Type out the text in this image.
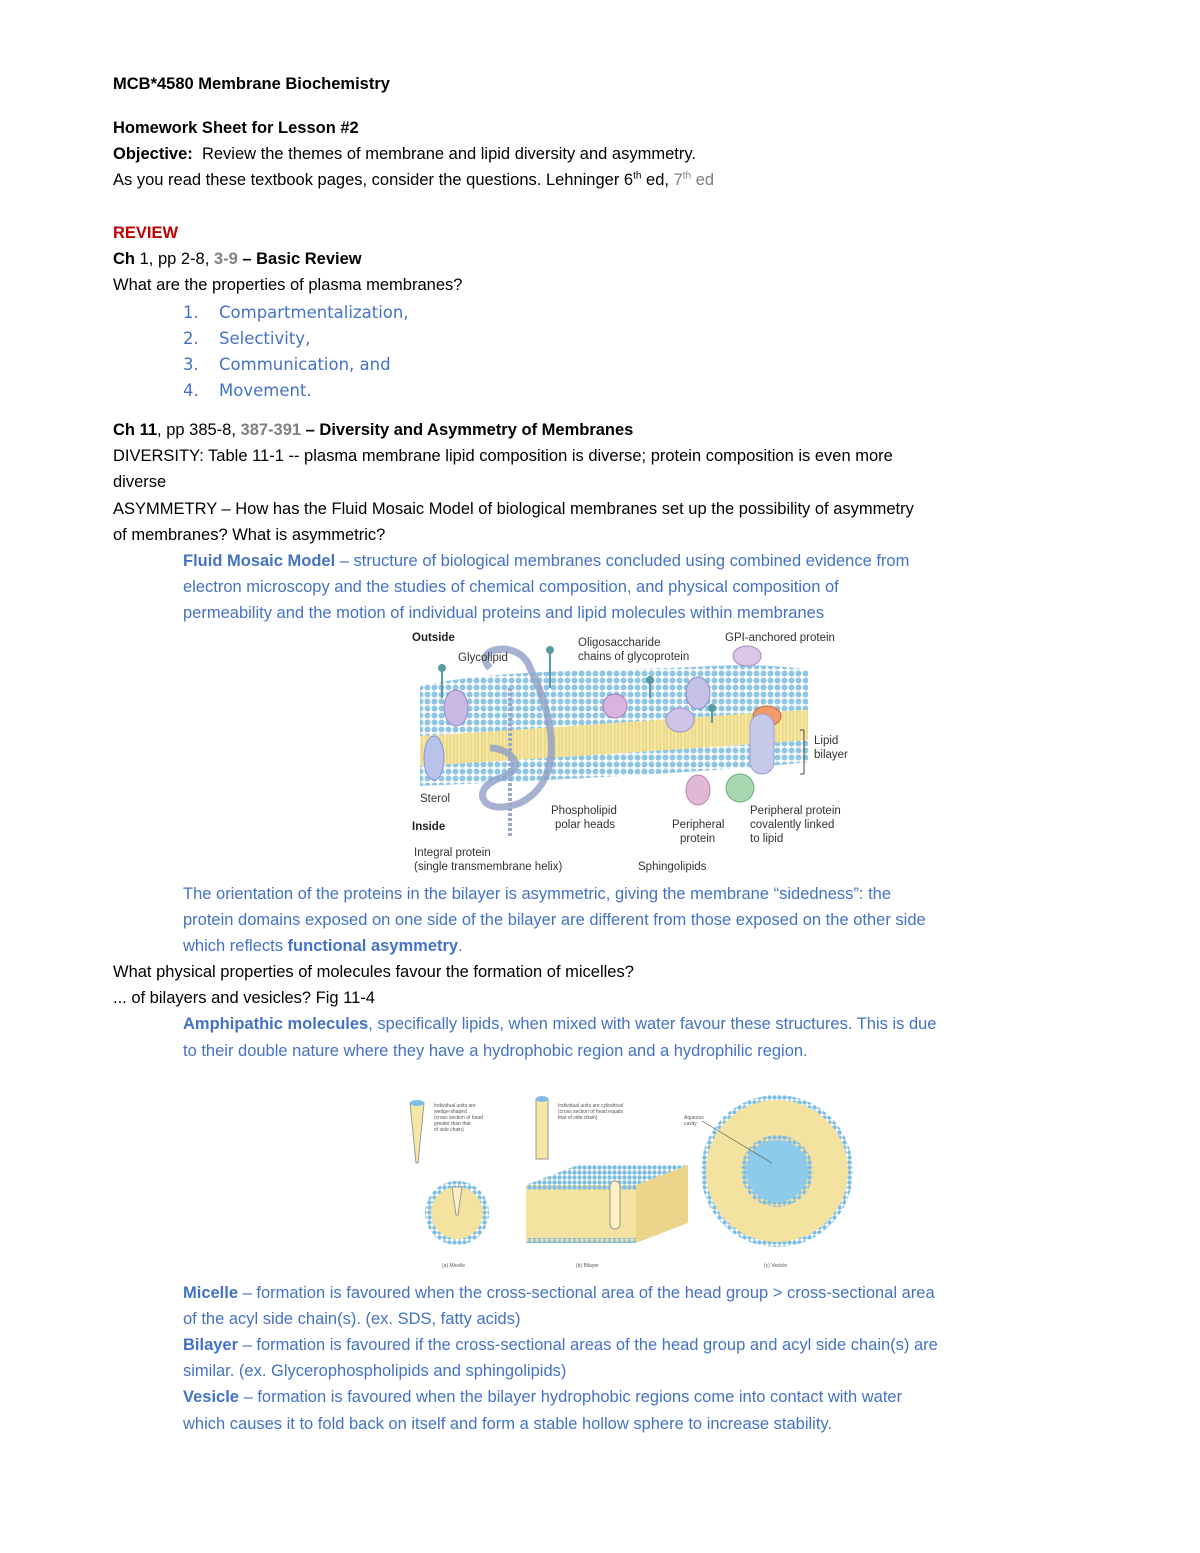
MCB*4580 Membrane Biochemistry
Homework Sheet for Lesson #2
Objective: Review the themes of membrane and lipid diversity and asymmetry.
As you read these textbook pages, consider the questions. Lehninger 6th ed, 7th ed
REVIEW
Ch 1, pp 2-8, 3-9 – Basic Review
What are the properties of plasma membranes?
1. Compartmentalization,
2. Selectivity,
3. Communication, and
4. Movement.
Ch 11, pp 385-8, 387-391 – Diversity and Asymmetry of Membranes
DIVERSITY: Table 11-1 -- plasma membrane lipid composition is diverse; protein composition is even more
diverse
ASYMMETRY – How has the Fluid Mosaic Model of biological membranes set up the possibility of asymmetry
of membranes? What is asymmetric?
Fluid Mosaic Model – structure of biological membranes concluded using combined evidence from
electron microscopy and the studies of chemical composition, and physical composition of
permeability and the motion of individual proteins and lipid molecules within membranes
Outside
Glycolipid
Oligosaccharide
chains of glycoprotein
GPI-anchored protein
Lipid
bilayer
Sterol
Inside
Phospholipid
polar heads	Peripheral
protein
Peripheral protein
covalently linked
to lipid
Integral protein
(single transmembrane helix)	Sphingolipids
The orientation of the proteins in the bilayer is asymmetric, giving the membrane “sidedness”: the
protein domains exposed on one side of the bilayer are different from those exposed on the other side
which reflects functional asymmetry.
What physical properties of molecules favour the formation of micelles?
... of bilayers and vesicles? Fig 11-4
Amphipathic molecules, specifically lipids, when mixed with water favour these structures. This is due
to their double nature where they have a hydrophobic region and a hydrophilic region.
Individual units are
wedge-shaped
(cross section of head
greater than that
of side chain)
(a) Micelle
Individual units are cylindrical
(cross section of head equals
that of side chain)
(b) Bilayer
Aqueous
cavity
(c) Vesicle
Micelle – formation is favoured when the cross-sectional area of the head group > cross-sectional area
of the acyl side chain(s). (ex. SDS, fatty acids)
Bilayer – formation is favoured if the cross-sectional areas of the head group and acyl side chain(s) are
similar. (ex. Glycerophospholipids and sphingolipids)
Vesicle – formation is favoured when the bilayer hydrophobic regions come into contact with water
which causes it to fold back on itself and form a stable hollow sphere to increase stability.
